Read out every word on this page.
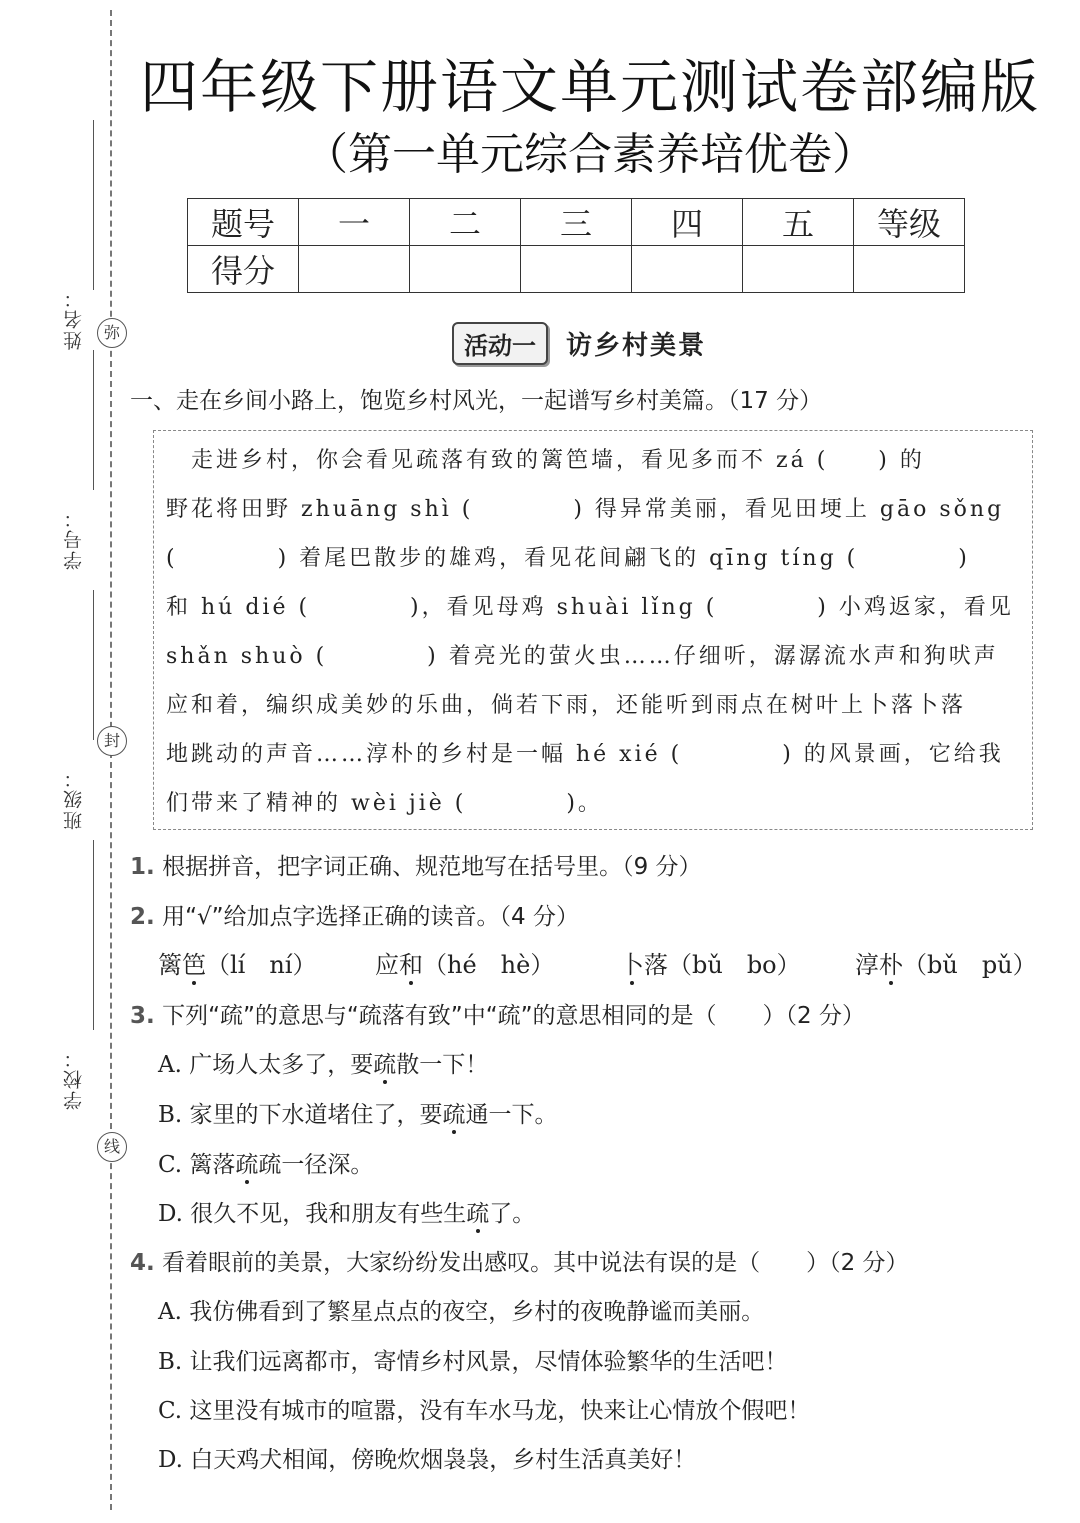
姓名：
学号：
班级：
学校：
弥
封
线
四年级下册语文单元测试卷部编版
（第一单元综合素养培优卷）
题号	一	二	三	四	五	等级
得分						
活动一	访乡村美景
一、走在乡间小路上，饱览乡村风光，一起谱写乡村美篇。（17 分）
　走进乡村，你会看见疏落有致的篱笆墙，看见多而不 zá (　　) 的
野花将田野 zhuāng shì (　　　　) 得异常美丽，看见田埂上 gāo sǒng
(　　　　) 着尾巴散步的雄鸡，看见花间翩飞的 qīng tíng (　　　　)
和 hú dié (　　　　)，看见母鸡 shuài lǐng (　　　　) 小鸡返家，看见
shǎn shuò (　　　　) 着亮光的萤火虫……仔细听，潺潺流水声和狗吠声
应和着，编织成美妙的乐曲，倘若下雨，还能听到雨点在树叶上卜落卜落
地跳动的声音……淳朴的乡村是一幅 hé xié (　　　　) 的风景画，它给我
们带来了精神的 wèi jiè (　　　　)。
1. 根据拼音，把字词正确、规范地写在括号里。（9 分）
2. 用“√”给加点字选择正确的读音。（4 分）
篱笆（lí　ní） 应和（hé　hè）	卜落（bǔ　bo） 淳朴（bǔ　pǔ）
3. 下列“疏”的意思与“疏落有致”中“疏”的意思相同的是（　　）（2 分）
A. 广场人太多了，要疏散一下！
B. 家里的下水道堵住了，要疏通一下。
C. 篱落疏疏一径深。
D. 很久不见，我和朋友有些生疏了。
4. 看着眼前的美景，大家纷纷发出感叹。其中说法有误的是（　　）（2 分）
A. 我仿佛看到了繁星点点的夜空，乡村的夜晚静谧而美丽。
B. 让我们远离都市，寄情乡村风景，尽情体验繁华的生活吧！
C. 这里没有城市的喧嚣，没有车水马龙，快来让心情放个假吧！
D. 白天鸡犬相闻，傍晚炊烟袅袅，乡村生活真美好！
